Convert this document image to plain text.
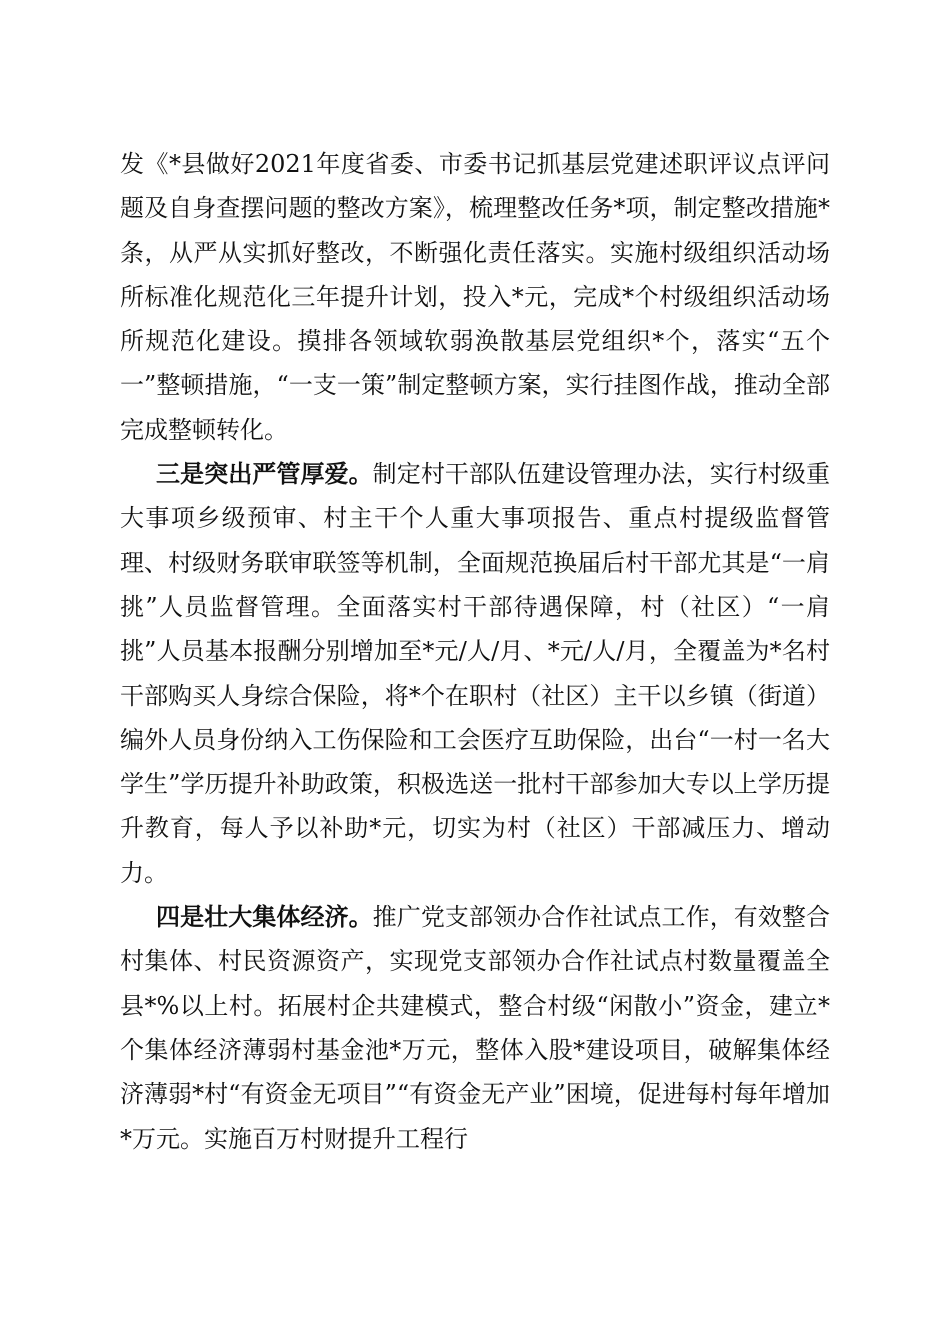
发《*县做好2021年度省委、市委书记抓基层党建述职评议点评问题及自身查摆问题的整改方案》，梳理整改任务*项，制定整改措施*条，从严从实抓好整改，不断强化责任落实。实施村级组织活动场所标准化规范化三年提升计划，投入*元，完成*个村级组织活动场所规范化建设。摸排各领域软弱涣散基层党组织*个，落实“五个一”整顿措施，“一支一策”制定整顿方案，实行挂图作战，推动全部完成整顿转化。

三是突出严管厚爱。制定村干部队伍建设管理办法，实行村级重大事项乡级预审、村主干个人重大事项报告、重点村提级监督管理、村级财务联审联签等机制，全面规范换届后村干部尤其是“一肩挑”人员监督管理。全面落实村干部待遇保障，村（社区）“一肩挑”人员基本报酬分别增加至*元/人/月、*元/人/月，全覆盖为*名村干部购买人身综合保险，将*个在职村（社区）主干以乡镇（街道）编外人员身份纳入工伤保险和工会医疗互助保险，出台“一村一名大学生”学历提升补助政策，积极选送一批村干部参加大专以上学历提升教育，每人予以补助*元，切实为村（社区）干部减压力、增动力。

四是壮大集体经济。推广党支部领办合作社试点工作，有效整合村集体、村民资源资产，实现党支部领办合作社试点村数量覆盖全县*%以上村。拓展村企共建模式，整合村级“闲散小”资金，建立*个集体经济薄弱村基金池*万元，整体入股*建设项目，破解集体经济薄弱*村“有资金无项目”“有资金无产业”困境，促进每村每年增加*万元。实施百万村财提升工程行
